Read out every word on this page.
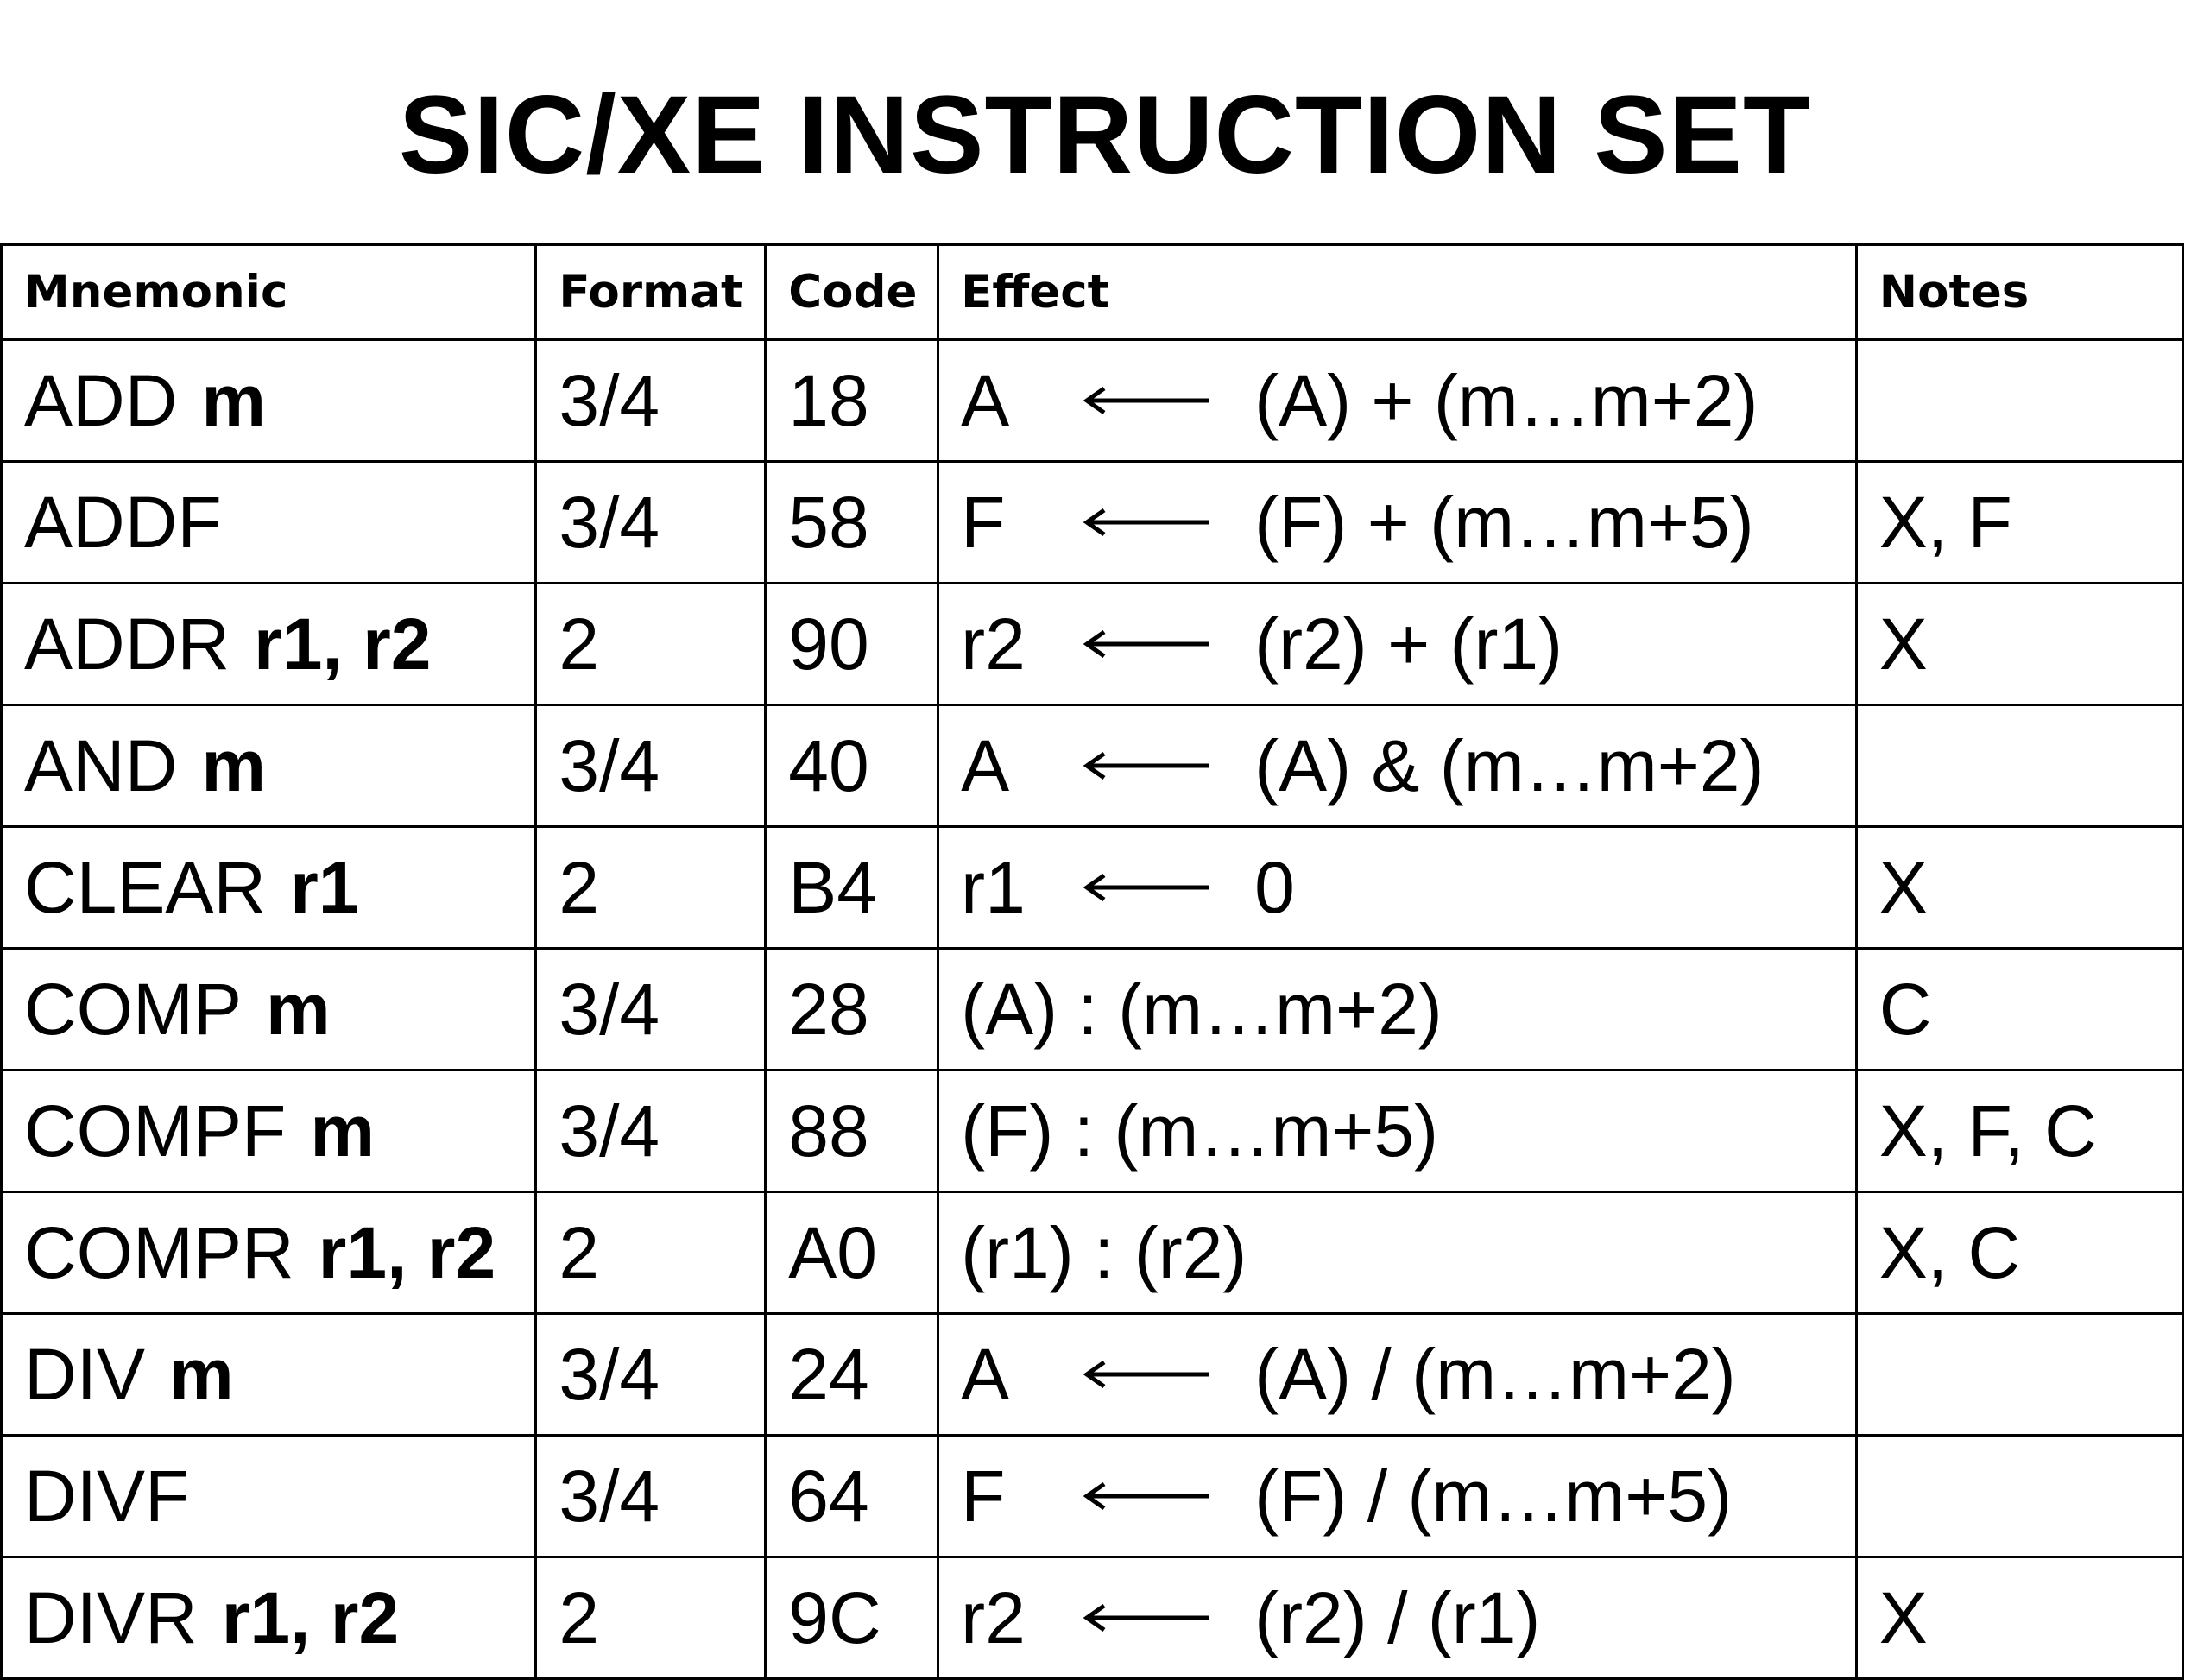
SIC/XE INSTRUCTION SET
Mnemonic	Format	Code	Effect	Notes
ADD m	3/4	18	A (A) + (m…m+2)	

ADDF	3/4	58	F (F) + (m…m+5)	X, F
ADDR r1, r2	2	90	r2 (r2) + (r1)	X
AND m	3/4	40	A (A) & (m…m+2)	

CLEAR r1	2	B4	r1 0	X
COMP m	3/4	28	(A) : (m…m+2)	C
COMPF m	3/4	88	(F) : (m…m+5)	X, F, C
COMPR r1, r2	2	A0	(r1) : (r2)	X, C
DIV m	3/4	24	A (A) / (m…m+2)	

DIVF	3/4	64	F (F) / (m…m+5)	

DIVR r1, r2	2	9C	r2 (r2) / (r1)	X
